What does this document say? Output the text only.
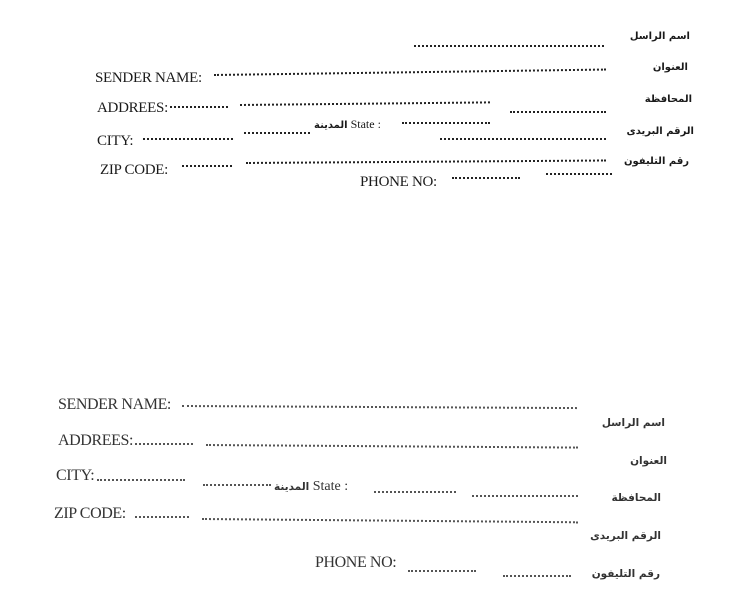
اسم الراسل
SENDER NAME:
العنوان
ADDREES:
المحافظة
CITY:
المدينة State :
الرقم البريدى
ZIP CODE:
رقم التليفون
PHONE NO:
SENDER NAME:
اسم الراسل
ADDREES:
العنوان
CITY:
المدينة State :
المحافظة
ZIP CODE:
الرقم البريدى
PHONE NO:
رقم التليفون
